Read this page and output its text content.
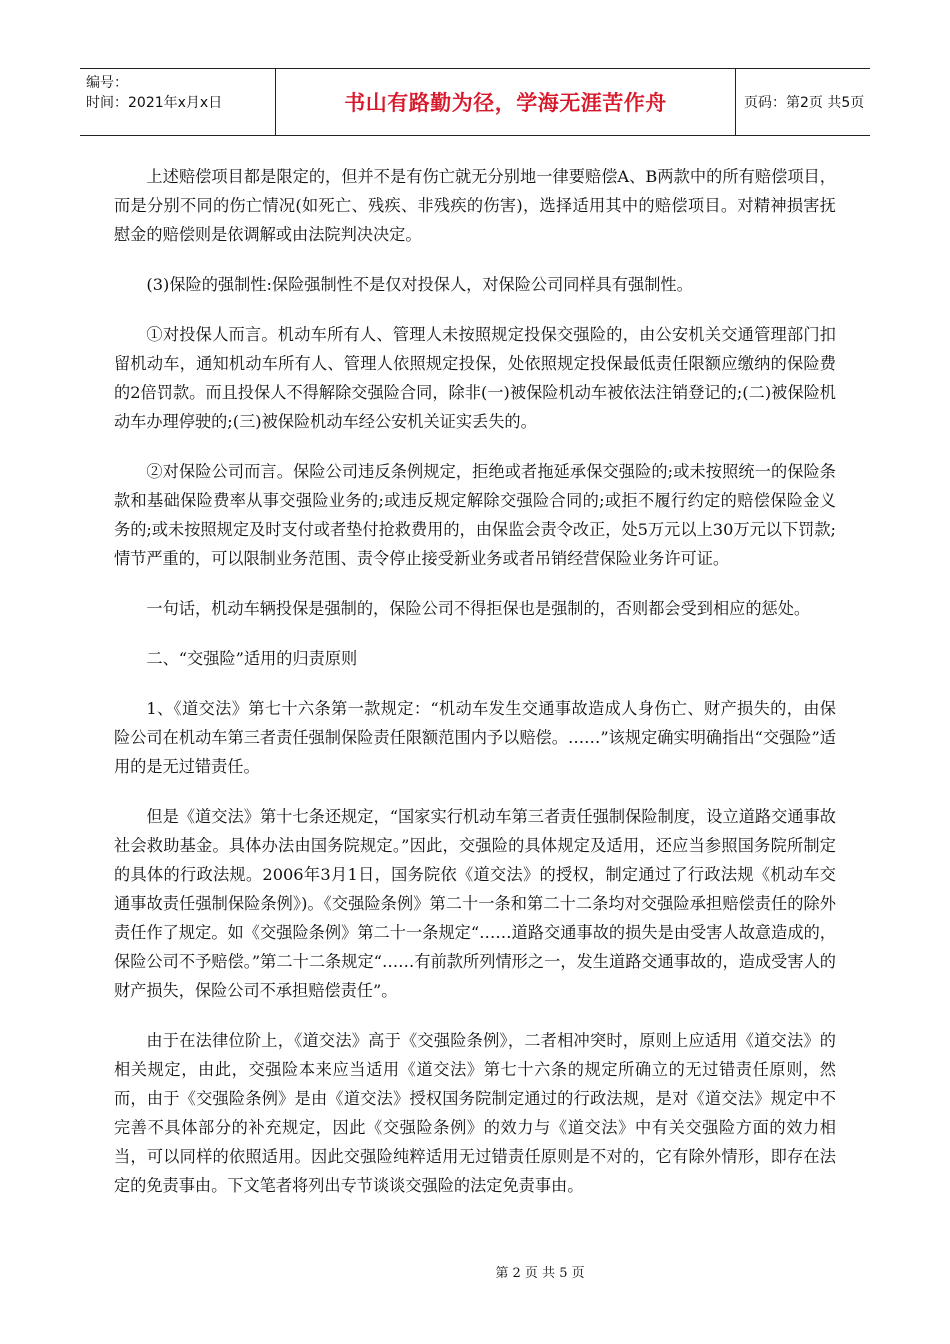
编号：
时间：2021年x月x日	书山有路勤为径，学海无涯苦作舟	页码：第2页 共5页

上述赔偿项目都是限定的，但并不是有伤亡就无分别地一律要赔偿A、B两款中的所有赔偿项目，而是分别不同的伤亡情况(如死亡、残疾、非残疾的伤害)，选择适用其中的赔偿项目。对精神损害抚慰金的赔偿则是依调解或由法院判决决定。

(3)保险的强制性:保险强制性不是仅对投保人，对保险公司同样具有强制性。

①对投保人而言。机动车所有人、管理人未按照规定投保交强险的，由公安机关交通管理部门扣留机动车，通知机动车所有人、管理人依照规定投保，处依照规定投保最低责任限额应缴纳的保险费的2倍罚款。而且投保人不得解除交强险合同，除非(一)被保险机动车被依法注销登记的;(二)被保险机动车办理停驶的;(三)被保险机动车经公安机关证实丢失的。

②对保险公司而言。保险公司违反条例规定，拒绝或者拖延承保交强险的;或未按照统一的保险条款和基础保险费率从事交强险业务的;或违反规定解除交强险合同的;或拒不履行约定的赔偿保险金义务的;或未按照规定及时支付或者垫付抢救费用的，由保监会责令改正，处5万元以上30万元以下罚款;情节严重的，可以限制业务范围、责令停止接受新业务或者吊销经营保险业务许可证。

一句话，机动车辆投保是强制的，保险公司不得拒保也是强制的，否则都会受到相应的惩处。

二、“交强险”适用的归责原则

1、《道交法》第七十六条第一款规定：“机动车发生交通事故造成人身伤亡、财产损失的，由保险公司在机动车第三者责任强制保险责任限额范围内予以赔偿。……”该规定确实明确指出“交强险”适用的是无过错责任。

但是《道交法》第十七条还规定，“国家实行机动车第三者责任强制保险制度，设立道路交通事故社会救助基金。具体办法由国务院规定。”因此，交强险的具体规定及适用，还应当参照国务院所制定的具体的行政法规。2006年3月1日，国务院依《道交法》的授权，制定通过了行政法规《机动车交通事故责任强制保险条例》)。《交强险条例》第二十一条和第二十二条均对交强险承担赔偿责任的除外责任作了规定。如《交强险条例》第二十一条规定“……道路交通事故的损失是由受害人故意造成的，保险公司不予赔偿。”第二十二条规定“……有前款所列情形之一，发生道路交通事故的，造成受害人的财产损失，保险公司不承担赔偿责任”。

由于在法律位阶上，《道交法》高于《交强险条例》，二者相冲突时，原则上应适用《道交法》的相关规定，由此，交强险本来应当适用《道交法》第七十六条的规定所确立的无过错责任原则，然而，由于《交强险条例》是由《道交法》授权国务院制定通过的行政法规，是对《道交法》规定中不完善不具体部分的补充规定，因此《交强险条例》的效力与《道交法》中有关交强险方面的效力相当，可以同样的依照适用。因此交强险纯粹适用无过错责任原则是不对的，它有除外情形，即存在法定的免责事由。下文笔者将列出专节谈谈交强险的法定免责事由。

第 2 页 共 5 页
